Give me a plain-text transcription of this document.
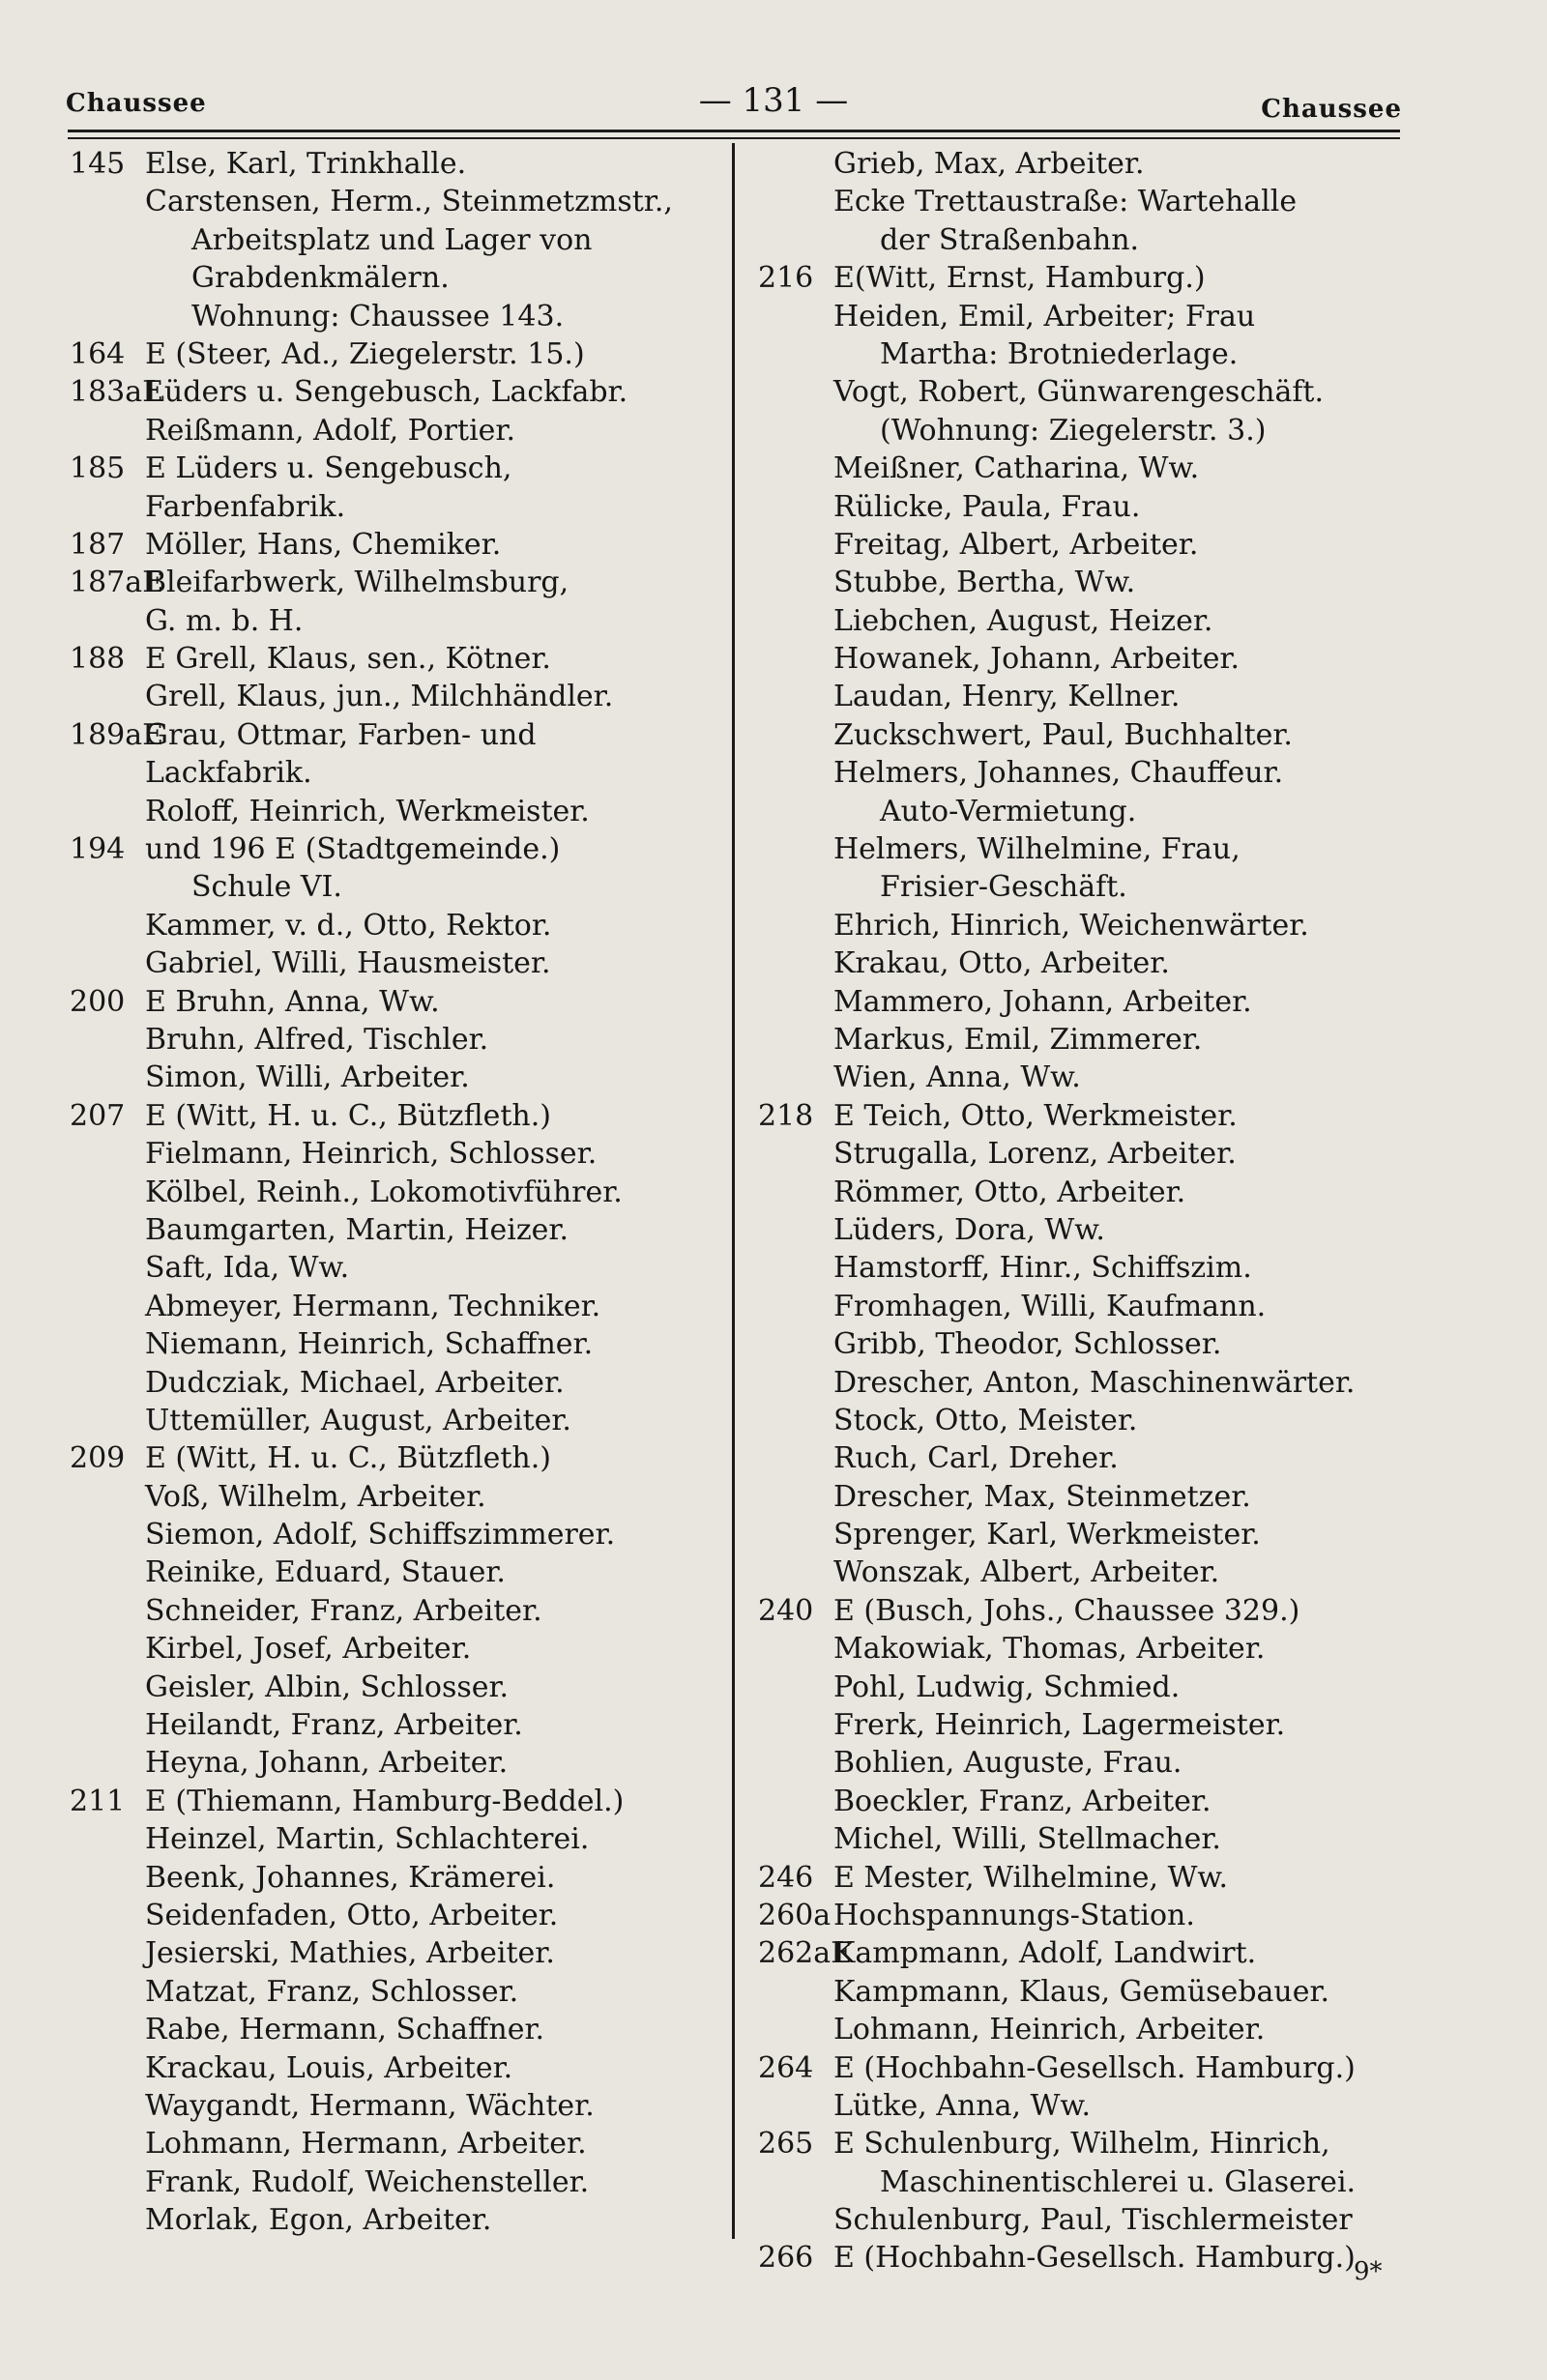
Chaussee	— 131 —	Chaussee
145 Else, Karl, Trinkhalle.
Carstensen, Herm., Steinmetzmstr.,
Arbeitsplatz und Lager von
Grabdenkmälern.
Wohnung: Chaussee 143.
164 E (Steer, Ad., Ziegelerstr. 15.)
183aE
Lüders u. Sengebusch, Lackfabr.
Reißmann, Adolf, Portier.
185 E Lüders u. Sengebusch,
Farbenfabrik.
187 Möller, Hans, Chemiker.
187aE
Bleifarbwerk, Wilhelmsburg,
G. m. b. H.
188 E Grell, Klaus, sen., Kötner.
Grell, Klaus, jun., Milchhändler.
189aE
Grau, Ottmar, Farben- und
Lackfabrik.
Roloff, Heinrich, Werkmeister.
194 und 196 E (Stadtgemeinde.)
Schule VI.
Kammer, v. d., Otto, Rektor.
Gabriel, Willi, Hausmeister.
200 E Bruhn, Anna, Ww.
Bruhn, Alfred, Tischler.
Simon, Willi, Arbeiter.
207 E (Witt, H. u. C., Bützfleth.)
Fielmann, Heinrich, Schlosser.
Kölbel, Reinh., Lokomotivführer.
Baumgarten, Martin, Heizer.
Saft, Ida, Ww.
Abmeyer, Hermann, Techniker.
Niemann, Heinrich, Schaffner.
Dudcziak, Michael, Arbeiter.
Uttemüller, August, Arbeiter.
209 E (Witt, H. u. C., Bützfleth.)
Voß, Wilhelm, Arbeiter.
Siemon, Adolf, Schiffszimmerer.
Reinike, Eduard, Stauer.
Schneider, Franz, Arbeiter.
Kirbel, Josef, Arbeiter.
Geisler, Albin, Schlosser.
Heilandt, Franz, Arbeiter.
Heyna, Johann, Arbeiter.
211 E (Thiemann, Hamburg-Beddel.)
Heinzel, Martin, Schlachterei.
Beenk, Johannes, Krämerei.
Seidenfaden, Otto, Arbeiter.
Jesierski, Mathies, Arbeiter.
Matzat, Franz, Schlosser.
Rabe, Hermann, Schaffner.
Krackau, Louis, Arbeiter.
Waygandt, Hermann, Wächter.
Lohmann, Hermann, Arbeiter.
Frank, Rudolf, Weichensteller.
Morlak, Egon, Arbeiter.
Grieb, Max, Arbeiter.
Ecke Trettaustraße: Wartehalle
der Straßenbahn.
216 E(Witt, Ernst, Hamburg.)
Heiden, Emil, Arbeiter; Frau
Martha: Brotniederlage.
Vogt, Robert, Günwarengeschäft.
(Wohnung: Ziegelerstr. 3.)
Meißner, Catharina, Ww.
Rülicke, Paula, Frau.
Freitag, Albert, Arbeiter.
Stubbe, Bertha, Ww.
Liebchen, August, Heizer.
Howanek, Johann, Arbeiter.
Laudan, Henry, Kellner.
Zuckschwert, Paul, Buchhalter.
Helmers, Johannes, Chauffeur.
Auto-Vermietung.
Helmers, Wilhelmine, Frau,
Frisier-Geschäft.
Ehrich, Hinrich, Weichenwärter.
Krakau, Otto, Arbeiter.
Mammero, Johann, Arbeiter.
Markus, Emil, Zimmerer.
Wien, Anna, Ww.
218 E Teich, Otto, Werkmeister.
Strugalla, Lorenz, Arbeiter.
Römmer, Otto, Arbeiter.
Lüders, Dora, Ww.
Hamstorff, Hinr., Schiffszim.
Fromhagen, Willi, Kaufmann.
Gribb, Theodor, Schlosser.
Drescher, Anton, Maschinenwärter.
Stock, Otto, Meister.
Ruch, Carl, Dreher.
Drescher, Max, Steinmetzer.
Sprenger, Karl, Werkmeister.
Wonszak, Albert, Arbeiter.
240 E (Busch, Johs., Chaussee 329.)
Makowiak, Thomas, Arbeiter.
Pohl, Ludwig, Schmied.
Frerk, Heinrich, Lagermeister.
Bohlien, Auguste, Frau.
Boeckler, Franz, Arbeiter.
Michel, Willi, Stellmacher.
246 E Mester, Wilhelmine, Ww.
260a Hochspannungs-Station.
262aE
Kampmann, Adolf, Landwirt.
Kampmann, Klaus, Gemüsebauer.
Lohmann, Heinrich, Arbeiter.
264 E (Hochbahn-Gesellsch. Hamburg.)
Lütke, Anna, Ww.
265 E Schulenburg, Wilhelm, Hinrich,
Maschinentischlerei u. Glaserei.
Schulenburg, Paul, Tischlermeister
266 E (Hochbahn-Gesellsch. Hamburg.)
9*
